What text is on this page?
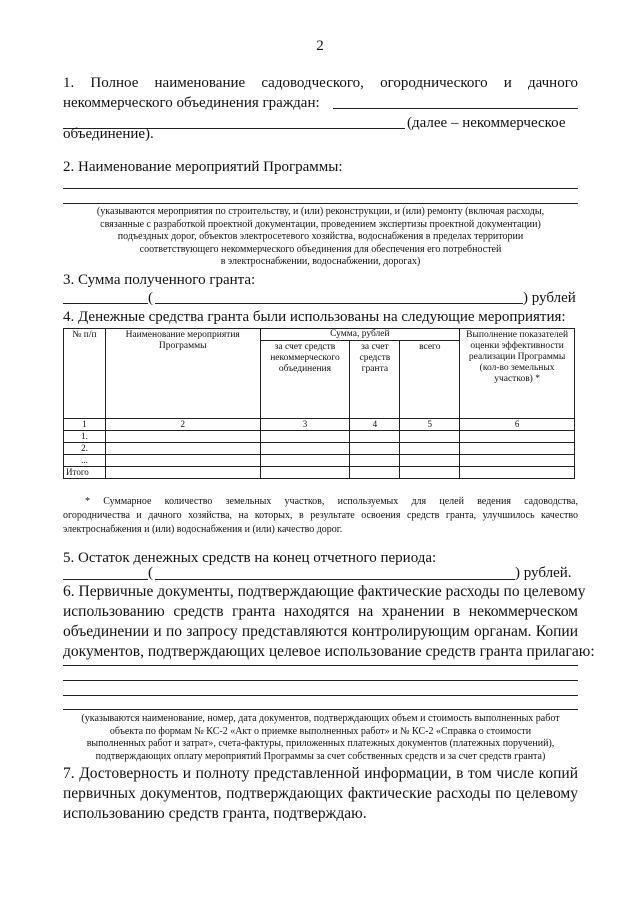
2
1. Полное наименование садоводческого, огороднического и дачного
некоммерческого объединения граждан:
(далее – некоммерческое
объединение).
2. Наименование мероприятий Программы:
(указываются мероприятия по строительству, и (или) реконструкции, и (или) ремонту (включая расходы,
связанные с разработкой проектной документации, проведением экспертизы проектной документации)
подъездных дорог, объектов электросетевого хозяйства, водоснабжения в пределах территории
соответствующего некоммерческого объединения для обеспечения его потребностей
в электроснабжении, водоснабжении, дорогах)
3. Сумма полученного гранта:
(	) рублей
4. Денежные средства гранта были использованы на следующие мероприятия:
№ п/п	Наименование мероприятия Программы	Сумма, рублей			Выполнение показателей оценки эффективности реализации Программы (кол-во земельных участков) *
		за счет средств некоммерческого объединения	за счет средств гранта	всего	
1	2	3	4	5	6
1.					
2.					
...					
Итого					
* Суммарное количество земельных участков, используемых для целей ведения садоводства,
огородничества и дачного хозяйства, на которых, в результате освоения средств гранта, улучшилось качество
электроснабжения и (или) водоснабжения и (или) качество дорог.
5. Остаток денежных средств на конец отчетного периода:
(	) рублей.
6. Первичные документы, подтверждающие фактические расходы по целевому
использованию средств гранта находятся на хранении в некоммерческом
объединении и по запросу представляются контролирующим органам. Копии
документов, подтверждающих целевое использование средств гранта прилагаю:
(указываются наименование, номер, дата документов, подтверждающих объем и стоимость выполненных работ
объекта по формам № КС-2 «Акт о приемке выполненных работ» и № КС-2 «Справка о стоимости
выполненных работ и затрат», счета-фактуры, приложенных платежных документов (платежных поручений),
подтверждающих оплату мероприятий Программы за счет собственных средств и за счет средств гранта)
7. Достоверность и полноту представленной информации, в том числе копий
первичных документов, подтверждающих фактические расходы по целевому
использованию средств гранта, подтверждаю.
